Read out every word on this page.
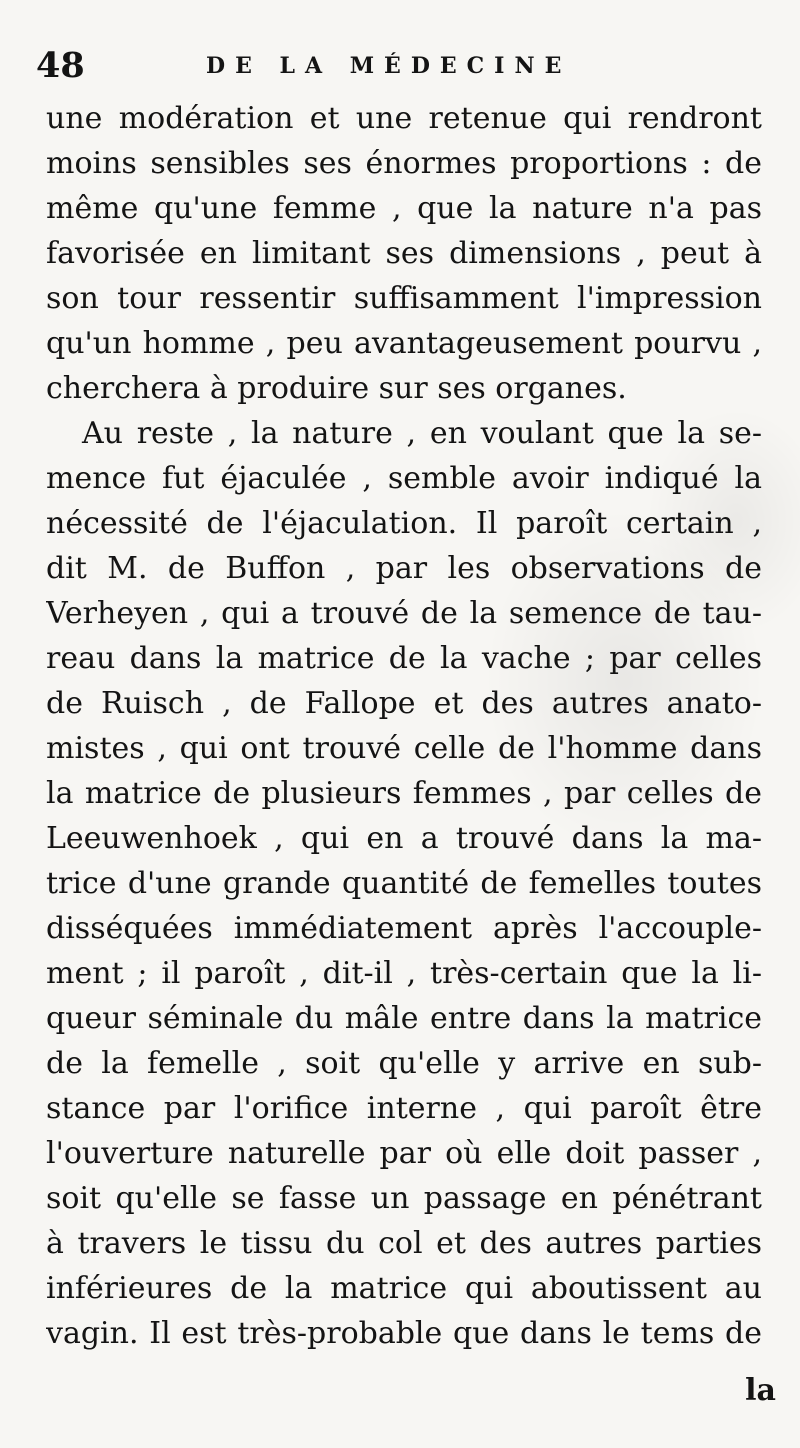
48	DE LA MÉDECINE
une modération et une retenue qui rendront
moins sensibles ses énormes proportions : de
même qu'une femme , que la nature n'a pas
favorisée en limitant ses dimensions , peut à
son tour ressentir suffisamment l'impression
qu'un homme , peu avantageusement pourvu ,
cherchera à produire sur ses organes.
Au reste , la nature , en voulant que la se-
mence fut éjaculée , semble avoir indiqué la
nécessité de l'éjaculation. Il paroît certain ,
dit M. de Buffon , par les observations de
Verheyen , qui a trouvé de la semence de tau-
reau dans la matrice de la vache ; par celles
de Ruisch , de Fallope et des autres anato-
mistes , qui ont trouvé celle de l'homme dans
la matrice de plusieurs femmes , par celles de
Leeuwenhoek , qui en a trouvé dans la ma-
trice d'une grande quantité de femelles toutes
disséquées immédiatement après l'accouple-
ment ; il paroît , dit-il , très-certain que la li-
queur séminale du mâle entre dans la matrice
de la femelle , soit qu'elle y arrive en sub-
stance par l'orifice interne , qui paroît être
l'ouverture naturelle par où elle doit passer ,
soit qu'elle se fasse un passage en pénétrant
à travers le tissu du col et des autres parties
inférieures de la matrice qui aboutissent au
vagin. Il est très-probable que dans le tems de
la
